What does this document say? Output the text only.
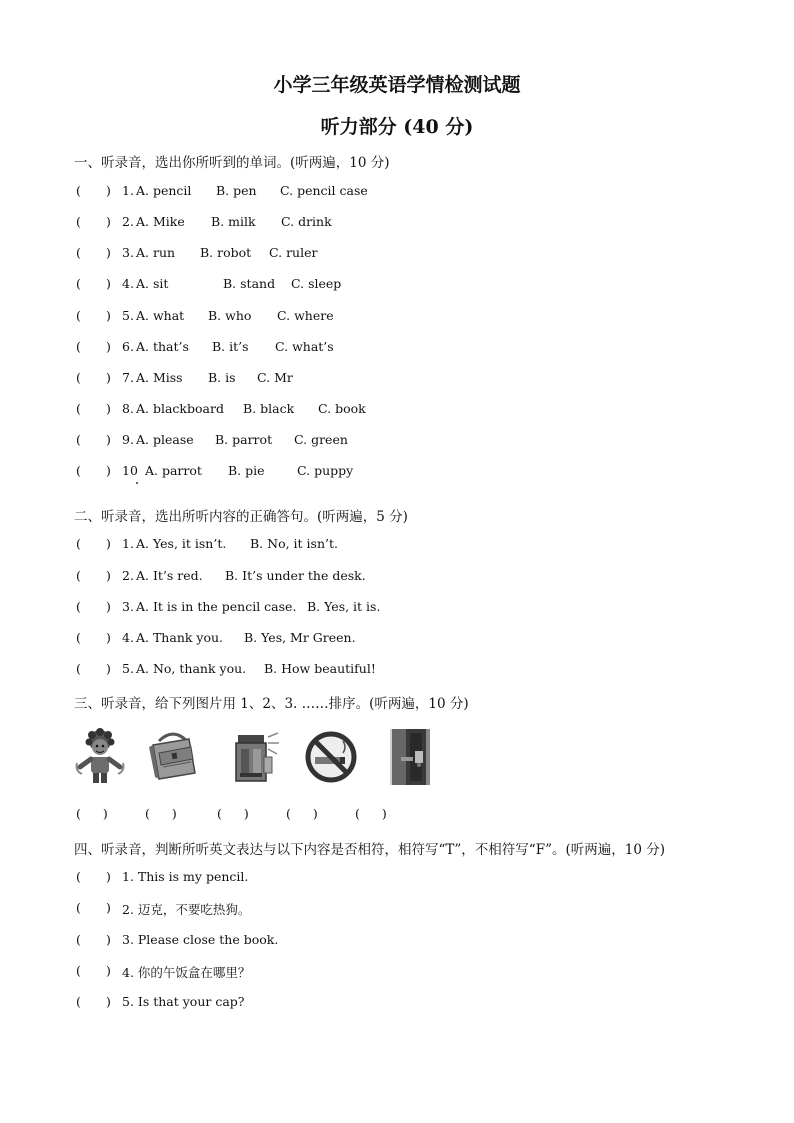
小学三年级英语学情检测试题
听力部分 (40 分)
一、听录音，选出你所听到的单词。(听两遍，10 分)
( ) 1. A. pencil B. pen C. pencil case
( ) 2. A. Mike B. milk C. drink
( ) 3. A. run B. robot C. ruler
( ) 4. A. sit	B. stand C. sleep
( ) 5. A. what B. who C. where
( ) 6. A. that’s B. it’s C. what’s
( ) 7. A. Miss B. is C. Mr
( ) 8. A. blackboard B. black C. book
( ) 9. A. please B. parrot C. green
( ) 10 A. parrot B. pie	C. puppy
二、听录音，选出所听内容的正确答句。(听两遍，5 分)
( ) 1. A. Yes, it isn’t. B. No, it isn’t.
( ) 2. A. It’s red. B. It’s under the desk.
( ) 3. A. It is in the pencil case. B. Yes, it is.
( ) 4. A. Thank you. B. Yes, Mr Green.
( ) 5. A. No, thank you. B. How beautiful!
三、听录音，给下列图片用 1、2、3. ……排序。(听两遍，10 分)
( )	( )	( )	( )	( )
四、听录音，判断所听英文表达与以下内容是否相符，相符写“T”，不相符写“F”。(听两遍，10 分)
( ) 1. This is my pencil.
( ) 2. 迈克，不要吃热狗。
( ) 3. Please close the book.
( ) 4. 你的午饭盒在哪里？
( ) 5. Is that your cap?
